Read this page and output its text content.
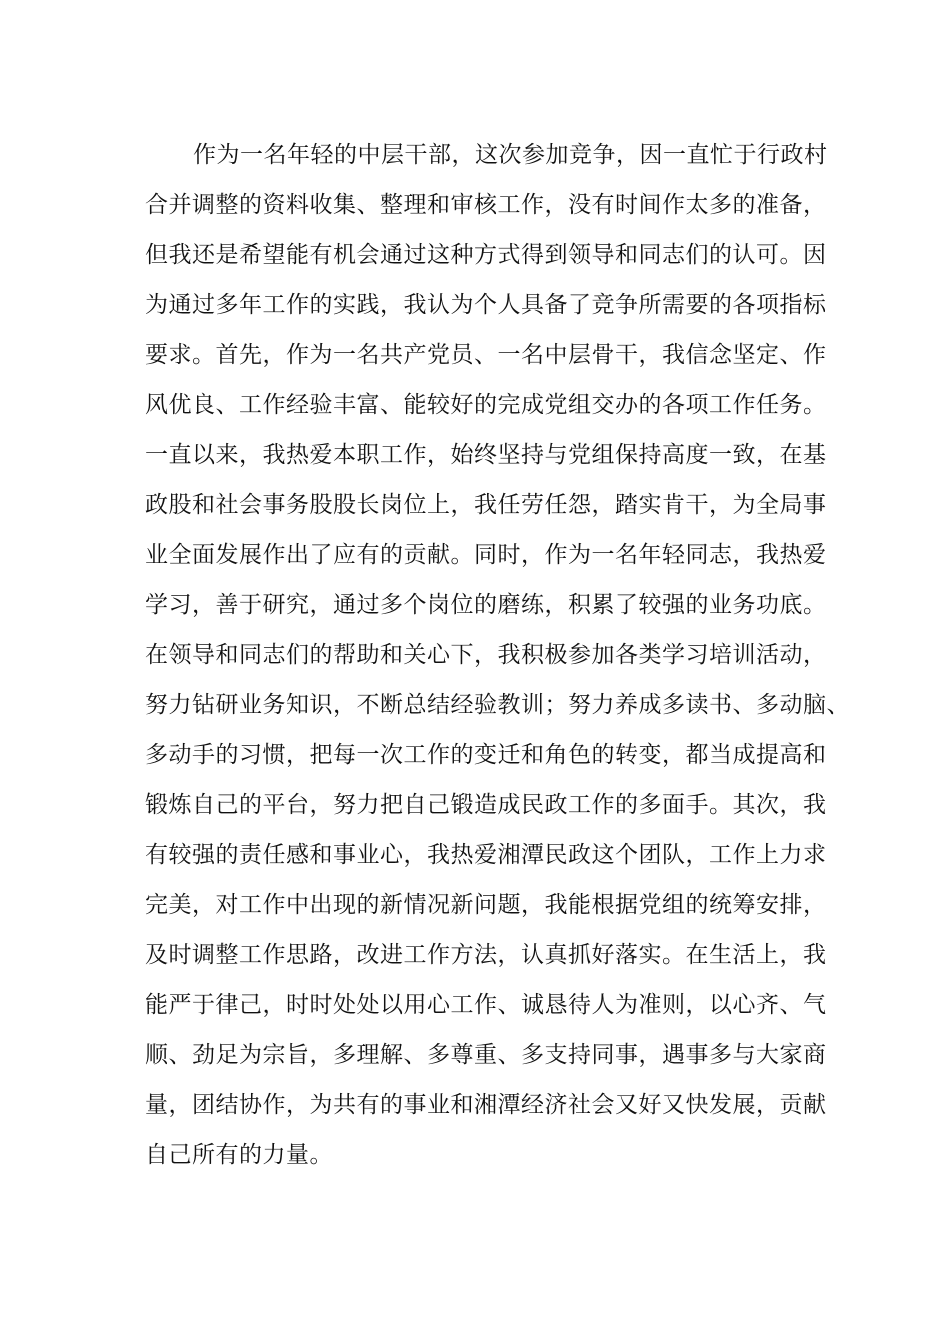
作为一名年轻的中层干部，这次参加竞争，因一直忙于行政村
合并调整的资料收集、整理和审核工作，没有时间作太多的准备，
但我还是希望能有机会通过这种方式得到领导和同志们的认可。因
为通过多年工作的实践，我认为个人具备了竞争所需要的各项指标
要求。首先，作为一名共产党员、一名中层骨干，我信念坚定、作
风优良、工作经验丰富、能较好的完成党组交办的各项工作任务。
一直以来，我热爱本职工作，始终坚持与党组保持高度一致，在基
政股和社会事务股股长岗位上，我任劳任怨，踏实肯干，为全局事
业全面发展作出了应有的贡献。同时，作为一名年轻同志，我热爱
学习，善于研究，通过多个岗位的磨练，积累了较强的业务功底。
在领导和同志们的帮助和关心下，我积极参加各类学习培训活动，
努力钻研业务知识，不断总结经验教训；努力养成多读书、多动脑、
多动手的习惯，把每一次工作的变迁和角色的转变，都当成提高和
锻炼自己的平台，努力把自己锻造成民政工作的多面手。其次，我
有较强的责任感和事业心，我热爱湘潭民政这个团队，工作上力求
完美，对工作中出现的新情况新问题，我能根据党组的统筹安排，
及时调整工作思路，改进工作方法，认真抓好落实。在生活上，我
能严于律己，时时处处以用心工作、诚恳待人为准则，以心齐、气
顺、劲足为宗旨，多理解、多尊重、多支持同事，遇事多与大家商
量，团结协作，为共有的事业和湘潭经济社会又好又快发展，贡献
自己所有的力量。
